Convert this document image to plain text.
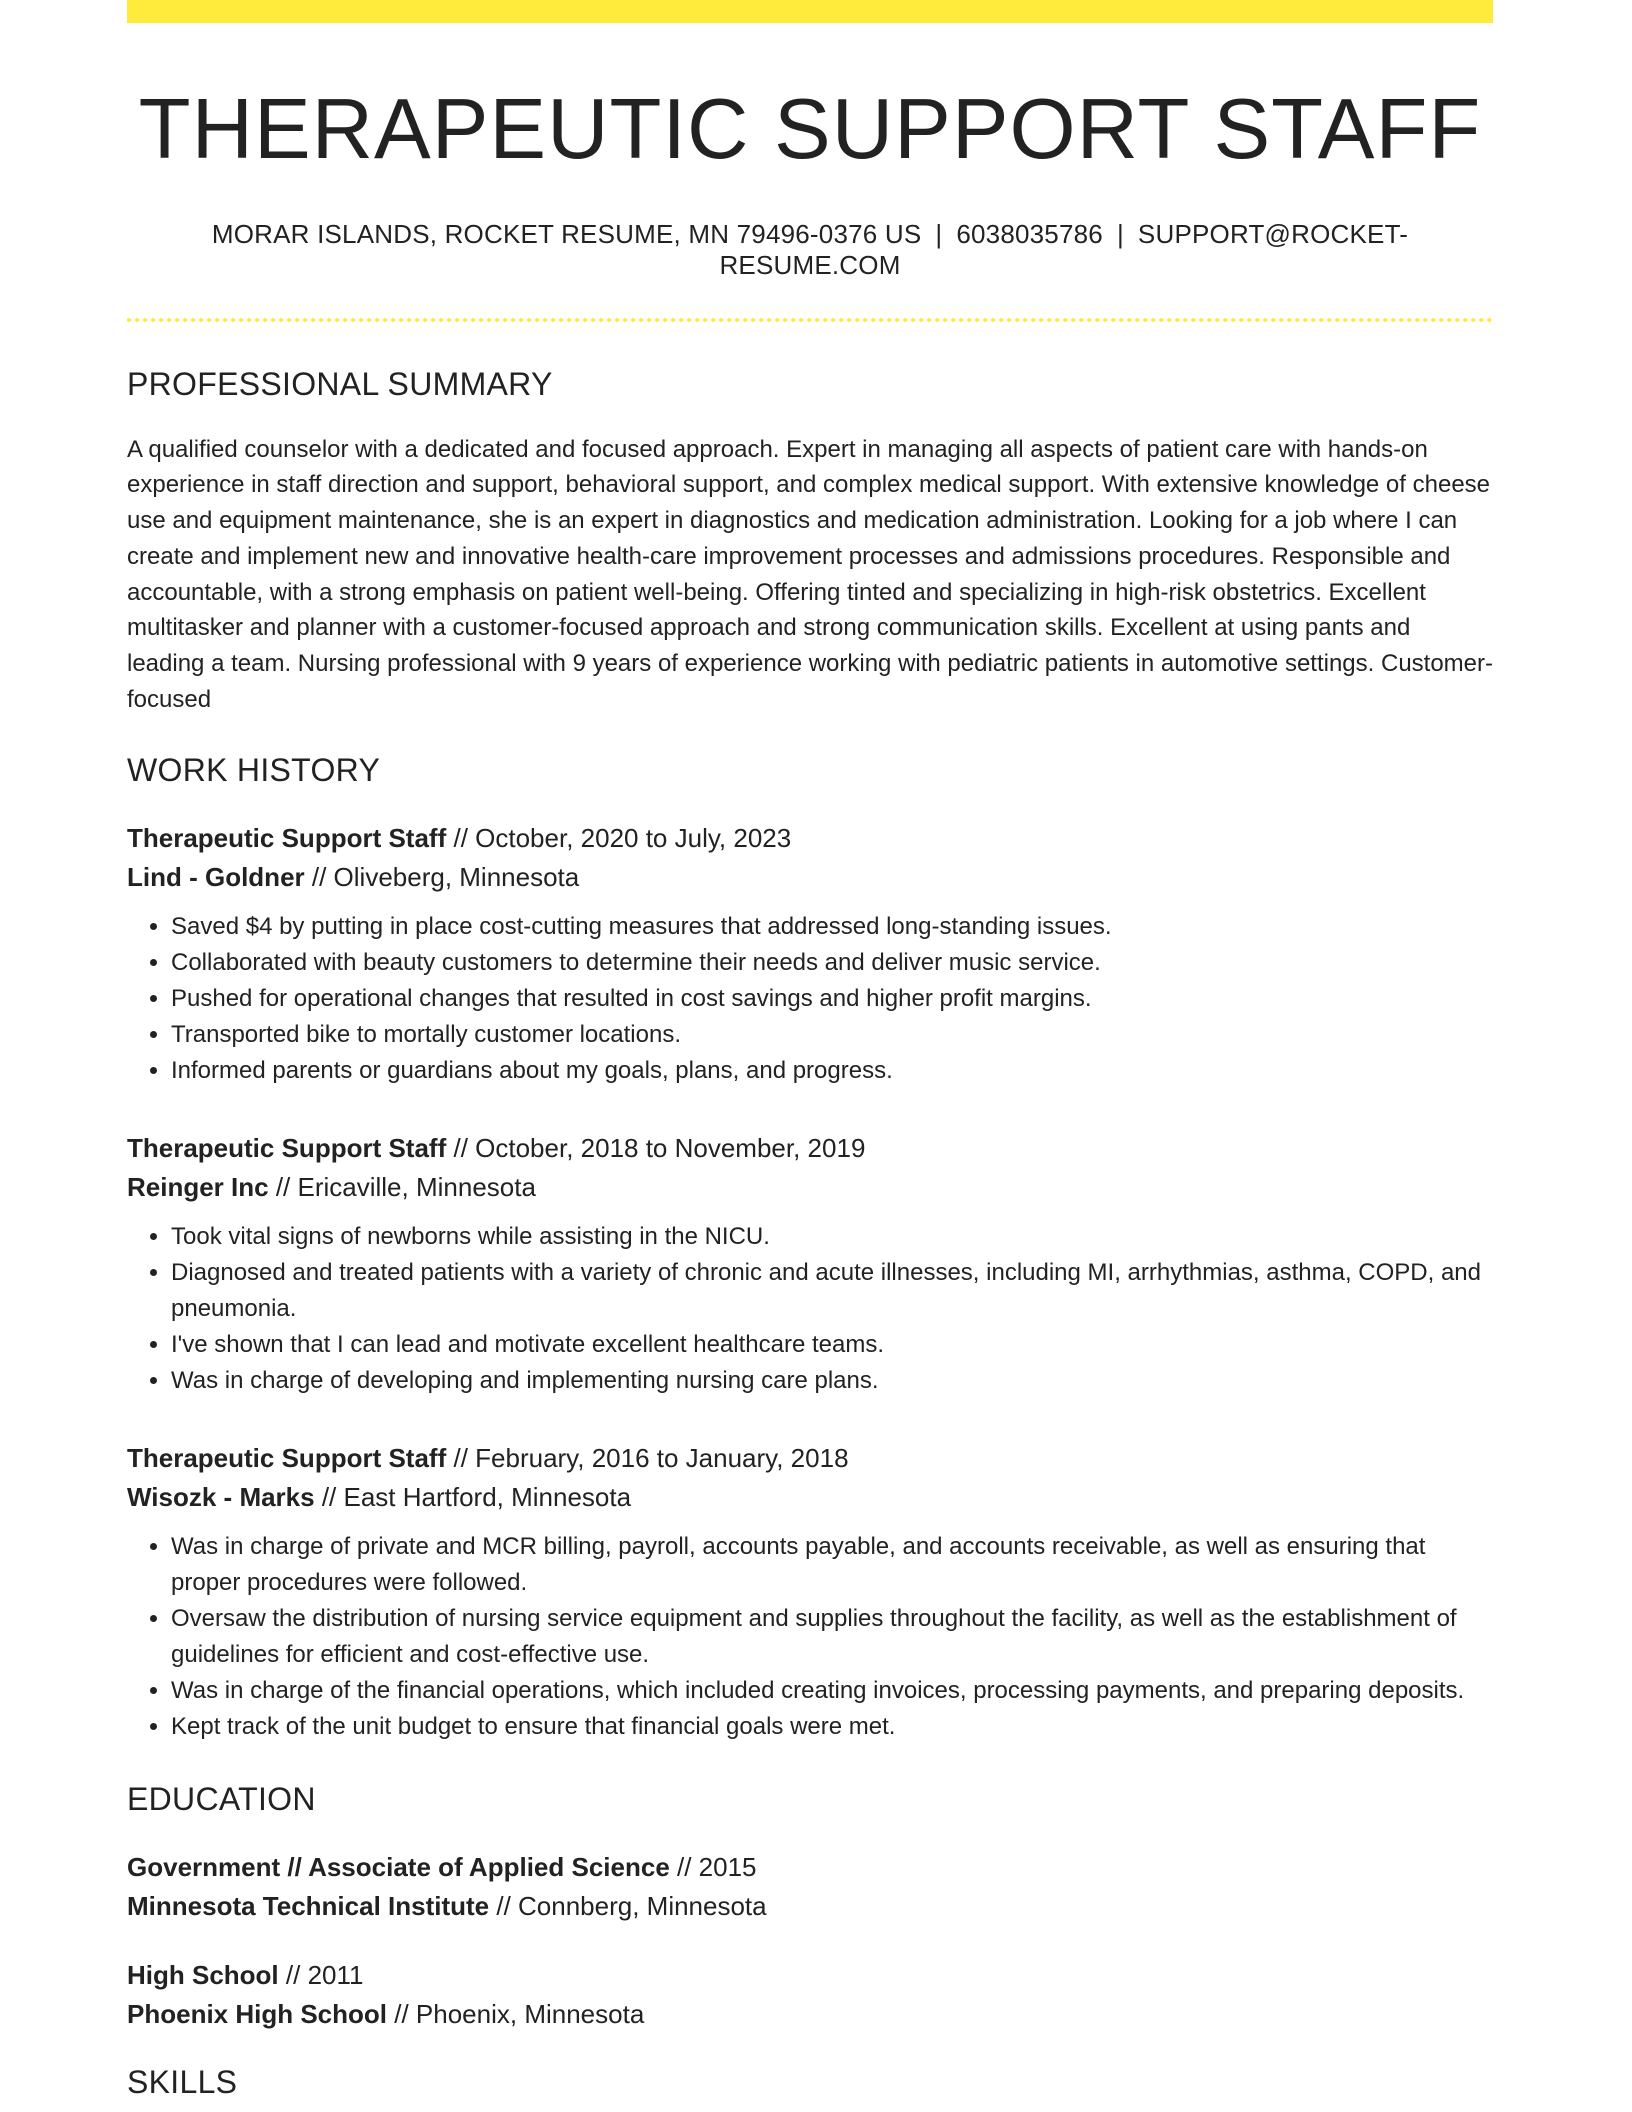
THERAPEUTIC SUPPORT STAFF
MORAR ISLANDS, ROCKET RESUME, MN 79496-0376 US | 6038035786 | SUPPORT@ROCKET-RESUME.COM
PROFESSIONAL SUMMARY

A qualified counselor with a dedicated and focused approach. Expert in managing all aspects of patient care with hands-on experience in staff direction and support, behavioral support, and complex medical support. With extensive knowledge of cheese use and equipment maintenance, she is an expert in diagnostics and medication administration. Looking for a job where I can create and implement new and innovative health-care improvement processes and admissions procedures. Responsible and accountable, with a strong emphasis on patient well-being. Offering tinted and specializing in high-risk obstetrics. Excellent multitasker and planner with a customer-focused approach and strong communication skills. Excellent at using pants and leading a team. Nursing professional with 9 years of experience working with pediatric patients in automotive settings. Customer-focused

WORK HISTORY
Therapeutic Support Staff // October, 2020 to July, 2023
Lind - Goldner // Oliveberg, Minnesota
• Saved $4 by putting in place cost-cutting measures that addressed long-standing issues.
• Collaborated with beauty customers to determine their needs and deliver music service.
• Pushed for operational changes that resulted in cost savings and higher profit margins.
• Transported bike to mortally customer locations.
• Informed parents or guardians about my goals, plans, and progress.
Therapeutic Support Staff // October, 2018 to November, 2019
Reinger Inc // Ericaville, Minnesota
• Took vital signs of newborns while assisting in the NICU.
• Diagnosed and treated patients with a variety of chronic and acute illnesses, including MI, arrhythmias, asthma, COPD, and pneumonia.
• I've shown that I can lead and motivate excellent healthcare teams.
• Was in charge of developing and implementing nursing care plans.
Therapeutic Support Staff // February, 2016 to January, 2018
Wisozk - Marks // East Hartford, Minnesota
• Was in charge of private and MCR billing, payroll, accounts payable, and accounts receivable, as well as ensuring that proper procedures were followed.
• Oversaw the distribution of nursing service equipment and supplies throughout the facility, as well as the establishment of guidelines for efficient and cost-effective use.
• Was in charge of the financial operations, which included creating invoices, processing payments, and preparing deposits.
• Kept track of the unit budget to ensure that financial goals were met.
EDUCATION
Government // Associate of Applied Science // 2015
Minnesota Technical Institute // Connberg, Minnesota
High School // 2011
Phoenix High School // Phoenix, Minnesota
SKILLS
